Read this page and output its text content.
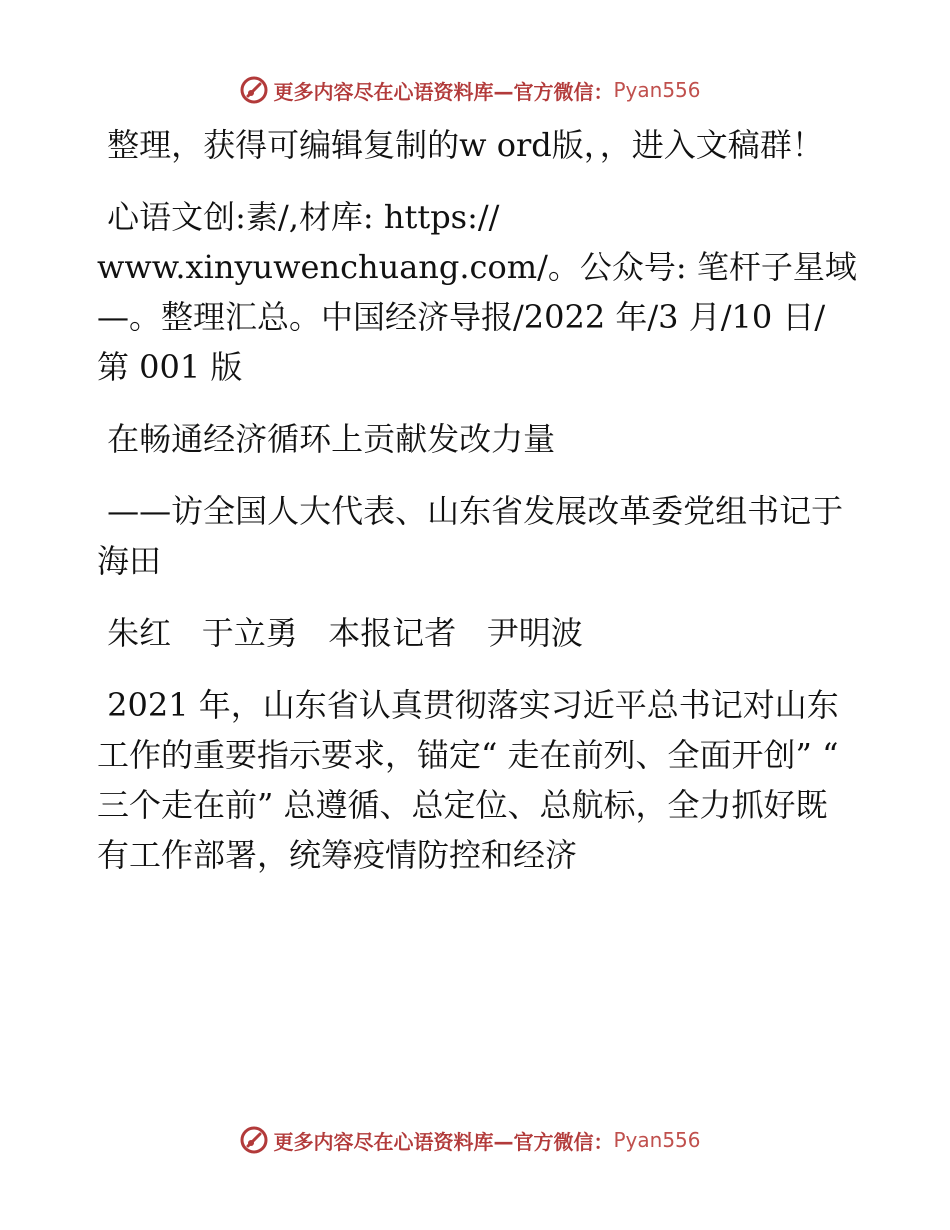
更多内容尽在心语资料库—官方微信： Pyan556

整理，获得可编辑复制的w ord版，，进入文稿群！

心语文创:素/,材库: https://
www.xinyuwenchuang.com/。公众号: 笔杆子星域—。整理汇总。中国经济导报/2022 年/3 月/10 日/第 001 版

在畅通经济循环上贡献发改力量

——访全国人大代表、山东省发展改革委党组书记于海田

朱红   于立勇   本报记者   尹明波

2021 年，山东省认真贯彻落实习近平总书记对山东工作的重要指示要求，锚定“ 走在前列、全面开创” “ 三个走在前” 总遵循、总定位、总航标，全力抓好既有工作部署，统筹疫情防控和经济

更多内容尽在心语资料库—官方微信： Pyan556
